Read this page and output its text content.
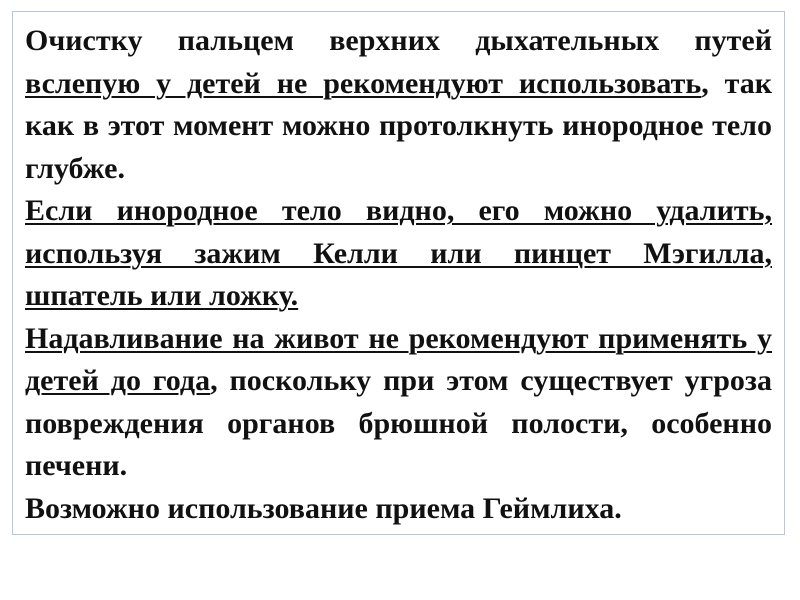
Очистку пальцем верхних дыхательных путей вслепую у детей не рекомендуют использовать, так как в этот момент можно протолкнуть инородное тело глубже.

Если инородное тело видно, его можно удалить, используя зажим Келли или пинцет Мэгилла, шпатель или ложку.

Надавливание на живот не рекомендуют применять у детей до года, поскольку при этом существует угроза повреждения органов брюшной полости, особенно печени.

Возможно использование приема Геймлиха.
